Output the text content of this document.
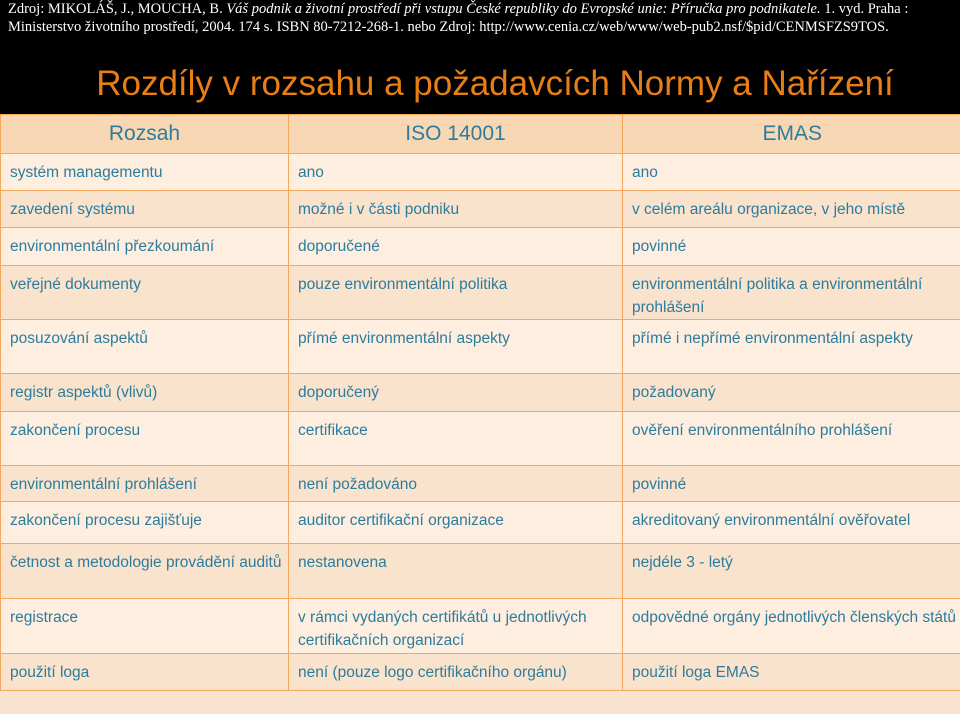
Zdroj: MIKOLÁŠ, J., MOUCHA, B. Váš podnik a životní prostředí při vstupu České republiky do Evropské unie: Příručka pro podnikatele. 1. vyd. Praha : Ministerstvo životního prostředí, 2004. 174 s. ISBN 80-7212-268-1. nebo Zdroj: http://www.cenia.cz/web/www/web-pub2.nsf/$pid/CENMSFZS9TOS.
Rozdíly v rozsahu a požadavcích Normy a Nařízení
Rozsah	ISO 14001	EMAS

systém managementu	ano	ano

zavedení systému	možné i v části podniku	v celém areálu organizace, v jeho místě

environmentální přezkoumání	doporučené	povinné

veřejné dokumenty	pouze environmentální politika	environmentální politika a environmentální prohlášení

posuzování aspektů	přímé environmentální aspekty	přímé i nepřímé environmentální aspekty

registr aspektů (vlivů)	doporučený	požadovaný

zakončení procesu	certifikace	ověření environmentálního prohlášení

environmentální prohlášení	není požadováno	povinné

zakončení procesu zajišťuje	auditor certifikační organizace	akreditovaný environmentální ověřovatel

četnost a metodologie provádění auditů	nestanovena	nejdéle 3 - letý

registrace	v rámci vydaných certifikátů u jednotlivých certifikačních organizací	odpovědné orgány jednotlivých členských států

použití loga	není (pouze logo certifikačního orgánu)	použití loga EMAS
